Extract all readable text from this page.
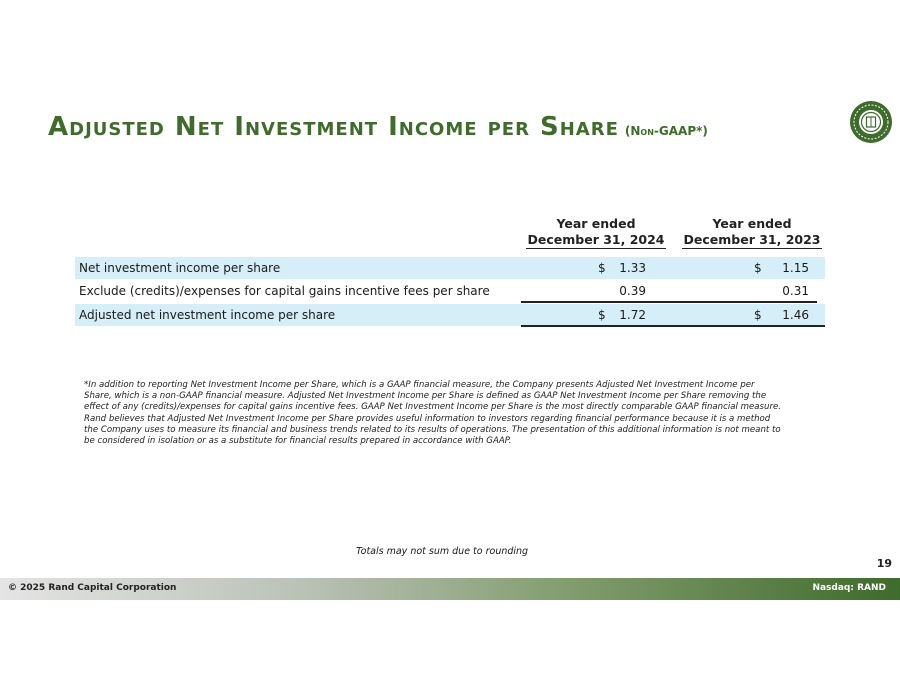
Adjusted Net Investment Income per Share (Non-GAAP*)
Year ended
December 31, 2024
Year ended
December 31, 2023
Net investment income per share	$	1.33	$	1.15
Exclude (credits)/expenses for capital gains incentive fees per share	0.39	0.31
Adjusted net investment income per share	$	1.72	$	1.46

*In addition to reporting Net Investment Income per Share, which is a GAAP financial measure, the Company presents Adjusted Net Investment Income per Share, which is a non-GAAP financial measure. Adjusted Net Investment Income per Share is defined as GAAP Net Investment Income per Share removing the effect of any (credits)/expenses for capital gains incentive fees. GAAP Net Investment Income per Share is the most directly comparable GAAP financial measure. Rand believes that Adjusted Net Investment Income per Share provides useful information to investors regarding financial performance because it is a method the Company uses to measure its financial and business trends related to its results of operations. The presentation of this additional information is not meant to be considered in isolation or as a substitute for financial results prepared in accordance with GAAP.

Totals may not sum due to rounding
19
© 2025 Rand Capital Corporation	Nasdaq: RAND
